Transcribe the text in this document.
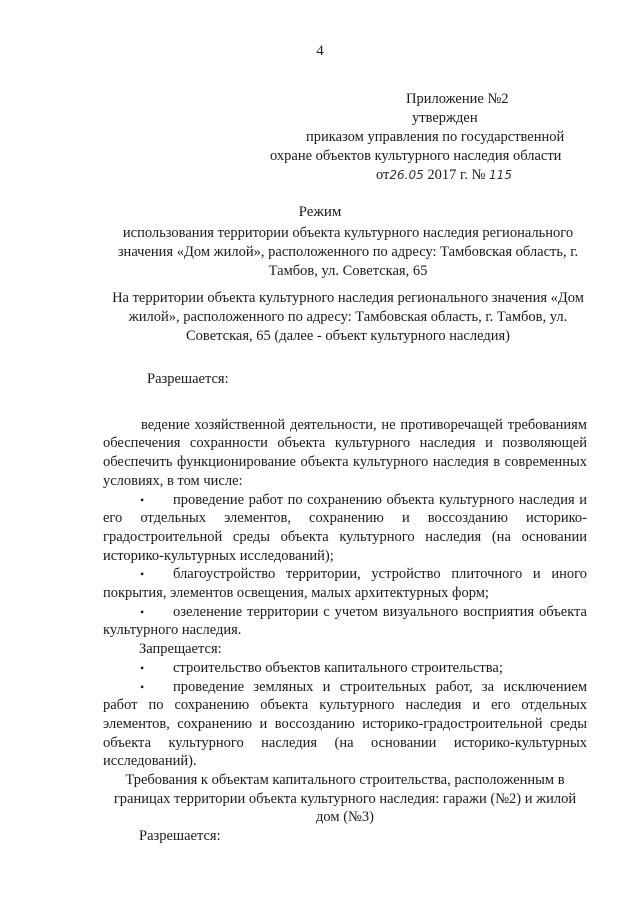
4
Приложение №2
утвержден
приказом управления по государственной
охране объектов культурного наследия области
от26.05 2017 г. № 115
Режим
использования территории объекта культурного наследия регионального значения «Дом жилой», расположенного по адресу: Тамбовская область, г. Тамбов, ул. Советская, 65
На территории объекта культурного наследия регионального значения «Дом жилой», расположенного по адресу: Тамбовская область, г. Тамбов, ул. Советская, 65 (далее - объект культурного наследия)

Разрешается:

ведение хозяйственной деятельности, не противоречащей требованиям обеспечения сохранности объекта культурного наследия и позволяющей обеспечить функционирование объекта культурного наследия в современных условиях, в том числе:

• проведение работ по сохранению объекта культурного наследия и его отдельных элементов, сохранению и воссозданию историко-градостроительной среды объекта культурного наследия (на основании историко-культурных исследований);

• благоустройство территории, устройство плиточного и иного покрытия, элементов освещения, малых архитектурных форм;

• озеленение территории с учетом визуального восприятия объекта культурного наследия.

Запрещается:

• строительство объектов капитального строительства;

• проведение земляных и строительных работ, за исключением работ по сохранению объекта культурного наследия и его отдельных элементов, сохранению и воссозданию историко-градостроительной среды объекта культурного наследия (на основании историко-культурных исследований).

Требования к объектам капитального строительства, расположенным в границах территории объекта культурного наследия: гаражи (№2) и жилой дом (№3)

Разрешается:
